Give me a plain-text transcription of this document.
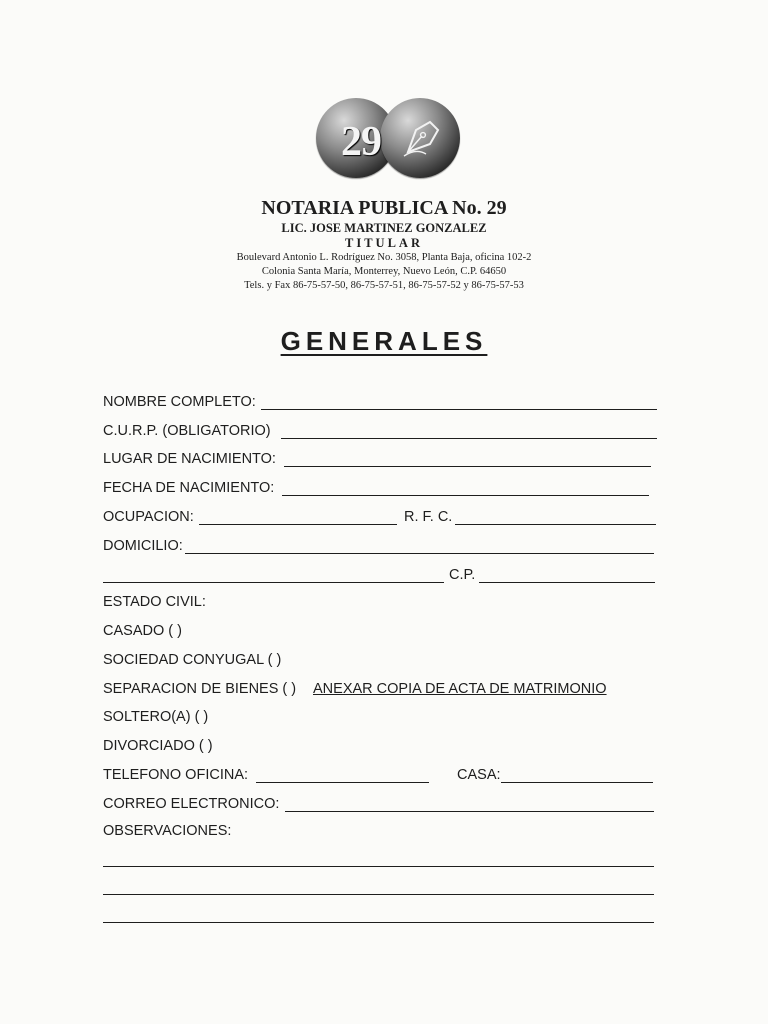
29
NOTARIA PUBLICA No. 29
LIC. JOSE MARTINEZ GONZALEZ
TITULAR
Boulevard Antonio L. Rodríguez No. 3058, Planta Baja, oficina 102-2
Colonia Santa María, Monterrey, Nuevo León, C.P. 64650
Tels. y Fax 86-75-57-50, 86-75-57-51, 86-75-57-52 y 86-75-57-53
GENERALES
NOMBRE COMPLETO:
C.U.R.P. (OBLIGATORIO)
LUGAR DE NACIMIENTO:
FECHA DE NACIMIENTO:
OCUPACION:	R. F. C.
DOMICILIO:
C.P.
ESTADO CIVIL:
CASADO ( )
SOCIEDAD CONYUGAL ( )
SEPARACION DE BIENES ( ) ANEXAR COPIA DE ACTA DE MATRIMONIO
SOLTERO(A) ( )
DIVORCIADO ( )
TELEFONO OFICINA:	CASA:
CORREO ELECTRONICO:
OBSERVACIONES:
